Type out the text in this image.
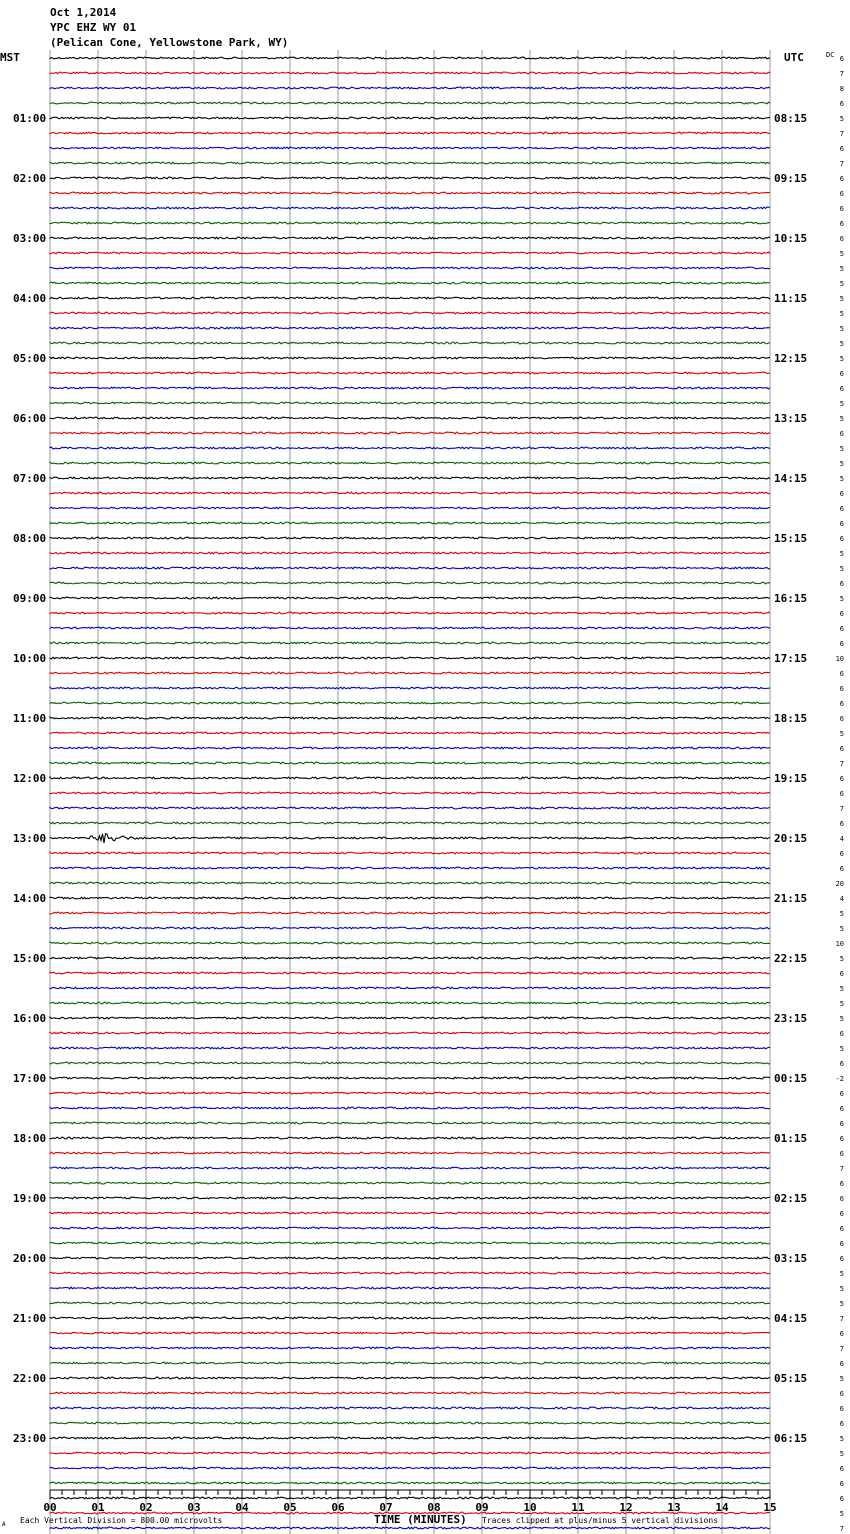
Oct 1,2014
YPC EHZ WY 01
(Pelican Cone, Yellowstone Park, WY)
MST	UTC	DC
01:00
02:00
03:00
04:00
05:00
06:00
07:00
08:00
09:00
10:00
11:00
12:00
13:00
14:00
15:00
16:00
17:00
18:00
19:00
20:00
21:00
22:00
23:00
08:15
09:15
10:15
11:15
12:15
13:15
14:15
15:15
16:15
17:15
18:15
19:15
20:15
21:15
22:15
23:15
00:15
01:15
02:15
03:15
04:15
05:15
06:15
6
7
8
6
5
7
6
7
6
6
6
6
6
5
5
5
5
5
5
5
5
6
6
5
5
6
5
5
5
6
6
6
6
5
5
6
5
6
6
6
10
6
6
6
6
5
6
7
6
6
7
6
4
6
6
20
4
5
5
10
5
6
5
5
5
6
5
6
-2
6
6
6
6
6
7
6
6
6
6
6
6
5
5
5
7
6
7
6
5
6
6
6
5
5
6
6
6
5
7
00	01	02	03	04	05	06	07	08	09	10	11	12	13	14	15
TIME (MINUTES)
Each Vertical Division = 800.00 microvolts	Traces clipped at plus/minus 5 vertical divisions
A
